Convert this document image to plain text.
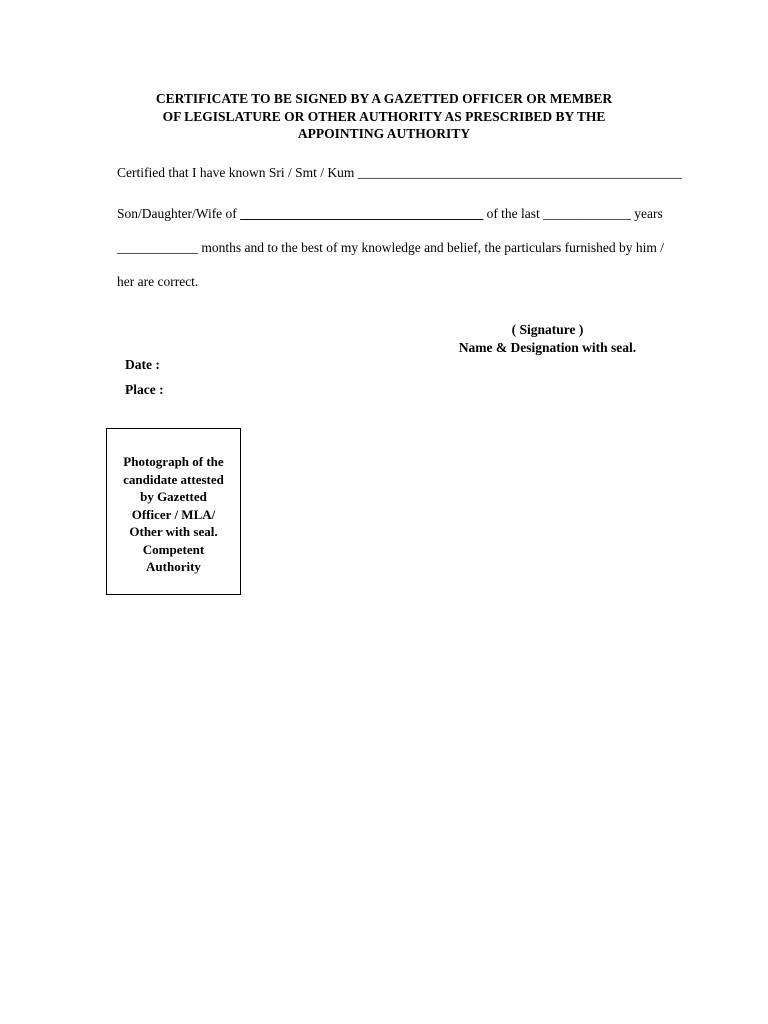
CERTIFICATE TO BE SIGNED BY A GAZETTED OFFICER OR MEMBER
OF LEGISLATURE OR OTHER AUTHORITY AS PRESCRIBED BY THE
APPOINTING AUTHORITY
Certified that I have known Sri / Smt / Kum ________________________________________________
Son/Daughter/Wife of ____________________________________ of the last _____________ years
____________ months and to the best of my knowledge and belief, the particulars furnished by him /
her are correct.
( Signature )
Name & Designation with seal.
Date :
Place :
Photograph of the
candidate attested
by Gazetted
Officer / MLA/
Other with seal.
Competent
Authority
